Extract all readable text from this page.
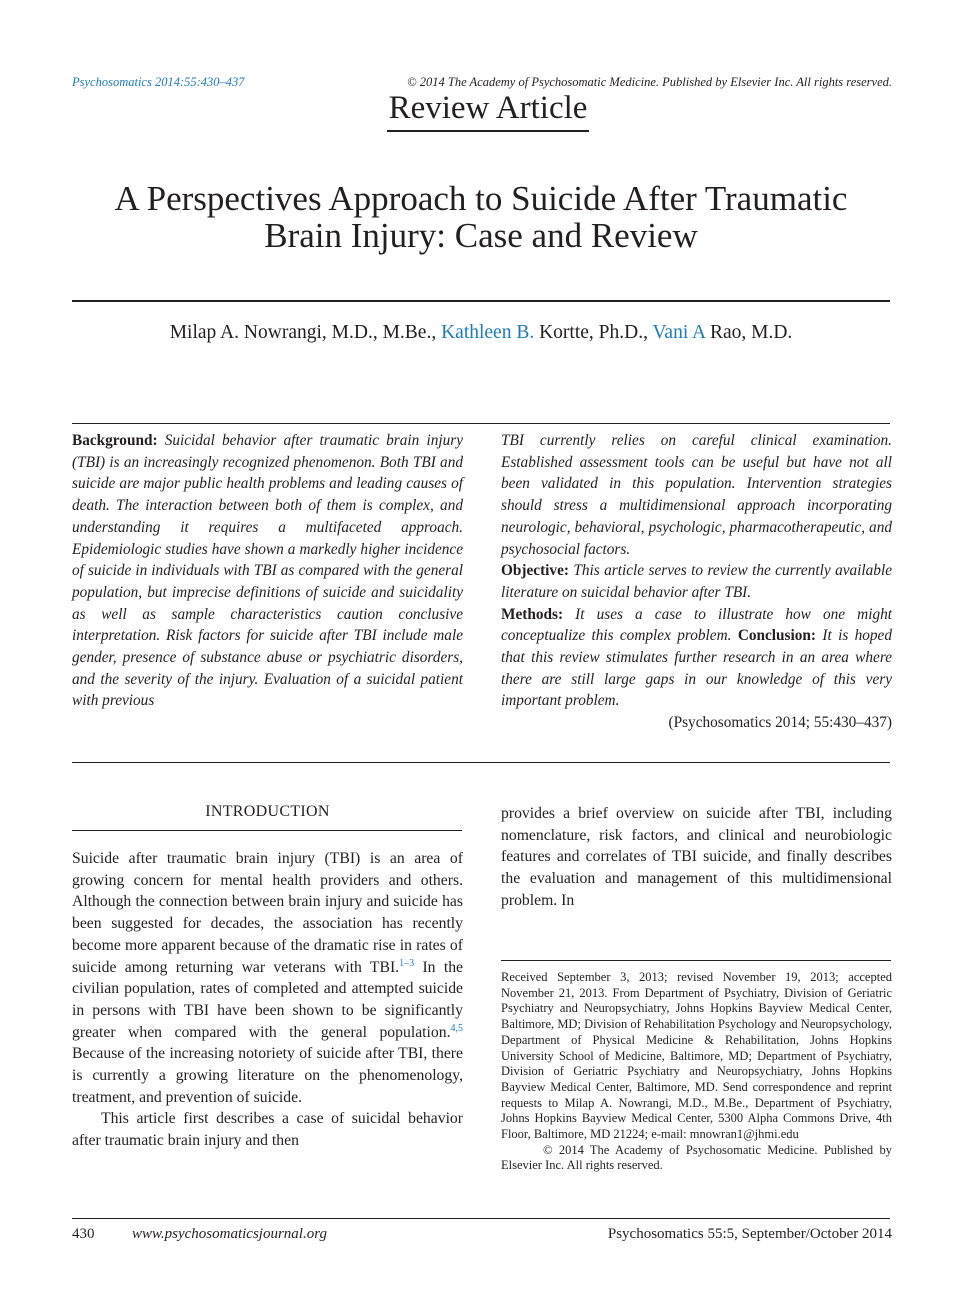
Psychosomatics 2014:55:430–437	© 2014 The Academy of Psychosomatic Medicine. Published by Elsevier Inc. All rights reserved.
Review Article
A Perspectives Approach to Suicide After Traumatic
Brain Injury: Case and Review
Milap A. Nowrangi, M.D., M.Be., Kathleen B. Kortte, Ph.D., Vani A Rao, M.D.

Background: Suicidal behavior after traumatic brain injury (TBI) is an increasingly recognized phenomenon. Both TBI and suicide are major public health problems and leading causes of death. The interaction between both of them is complex, and understanding it requires a multifaceted approach. Epidemiologic studies have shown a markedly higher incidence of suicide in individuals with TBI as compared with the general population, but imprecise definitions of suicide and suicidality as well as sample characteristics caution conclusive interpretation. Risk factors for suicide after TBI include male gender, presence of substance abuse or psychiatric disorders, and the severity of the injury. Evaluation of a suicidal patient with previous

TBI currently relies on careful clinical examination. Established assessment tools can be useful but have not all been validated in this population. Intervention strategies should stress a multidimensional approach incorporating neurologic, behavioral, psychologic, pharmacotherapeutic, and psychosocial factors.

Objective: This article serves to review the currently available literature on suicidal behavior after TBI.

Methods: It uses a case to illustrate how one might conceptualize this complex problem. Conclusion: It is hoped that this review stimulates further research in an area where there are still large gaps in our knowledge of this very important problem.

(Psychosomatics 2014; 55:430–437)

INTRODUCTION

Suicide after traumatic brain injury (TBI) is an area of growing concern for mental health providers and others. Although the connection between brain injury and suicide has been suggested for decades, the association has recently become more apparent because of the dramatic rise in rates of suicide among returning war veterans with TBI.$^{1-3}$ In the civilian population, rates of completed and attempted suicide in persons with TBI have been shown to be significantly greater when compared with the general population.$^{4,5}$ Because of the increasing notoriety of suicide after TBI, there is currently a growing literature on the phenomenology, treatment, and prevention of suicide.

This article first describes a case of suicidal behavior after traumatic brain injury and then

provides a brief overview on suicide after TBI, including nomenclature, risk factors, and clinical and neurobiologic features and correlates of TBI suicide, and finally describes the evaluation and management of this multidimensional problem. In

Received September 3, 2013; revised November 19, 2013; accepted November 21, 2013. From Department of Psychiatry, Division of Geriatric Psychiatry and Neuropsychiatry, Johns Hopkins Bayview Medical Center, Baltimore, MD; Division of Rehabilitation Psychology and Neuropsychology, Department of Physical Medicine & Rehabilitation, Johns Hopkins University School of Medicine, Baltimore, MD; Department of Psychiatry, Division of Geriatric Psychiatry and Neuropsychiatry, Johns Hopkins Bayview Medical Center, Baltimore, MD. Send correspondence and reprint requests to Milap A. Nowrangi, M.D., M.Be., Department of Psychiatry, Johns Hopkins Bayview Medical Center, 5300 Alpha Commons Drive, 4th Floor, Baltimore, MD 21224; e-mail: mnowran1@jhmi.edu

© 2014 The Academy of Psychosomatic Medicine. Published by Elsevier Inc. All rights reserved.

430	www.psychosomaticsjournal.org	Psychosomatics 55:5, September/October 2014
